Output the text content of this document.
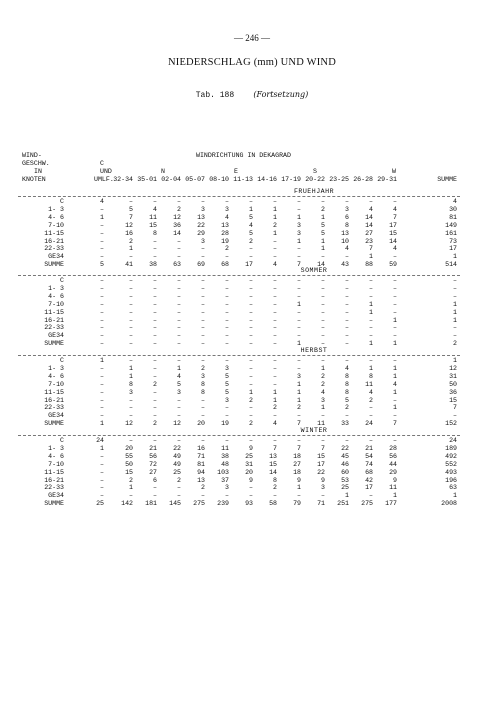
— 246 —
NIEDERSCHLAG (mm) UND WIND
Tab. 188 (Fortsetzung)
WIND-
GESCHW.
IN
KNOTEN
WINDRICHTUNG IN DEKAGRAD
C
UND
UMLF.
N	E	S	W
32-34 35-01 02-04 05-07 08-10 11-13 14-16 17-19 20-22 23-25 26-28 29-31	SUMME
FRUEHJAHR
C	4	–	–	–	–	–	–	–	–	–	–	–	–	4
1- 3	–	5	4	2	3	3	1	1	–	2	3	4	4	30
4- 6	1	7	11	12	13	4	5	1	1	1	6	14	7	81
7-10	–	12	15	36	22	13	4	2	3	5	8	14	17	149
11-15	–	16	8	14	29	28	5	1	3	5	13	27	15	161
16-21	–	2	–	–	3	19	2	–	1	1	10	23	14	73
22-33	–	1	–	–	–	2	–	–	–	1	4	7	4	17
GE34	–	–	–	–	–	–	–	–	–	–	–	1	–	1
SUMME	5	41	38	63	69	68	17	4	7	14	43	88	59	514
SOMMER
C	–	–	–	–	–	–	–	–	–	–	–	–	–	–
1- 3	–	–	–	–	–	–	–	–	–	–	–	–	–	–
4- 6	–	–	–	–	–	–	–	–	–	–	–	–	–	–
7-10	–	–	–	–	–	–	–	–	1	–	–	1	–	1
11-15	–	–	–	–	–	–	–	–	–	–	–	1	–	1
16-21	–	–	–	–	–	–	–	–	–	–	–	–	1	1
22-33	–	–	–	–	–	–	–	–	–	–	–	–	–	–
GE34	–	–	–	–	–	–	–	–	–	–	–	–	–	–
SUMME	–	–	–	–	–	–	–	–	1	–	–	1	1	2
HERBST
C	1	–	–	–	–	–	–	–	–	–	–	–	–	1
1- 3	–	1	–	1	2	3	–	–	–	1	4	1	1	12
4- 6	–	1	–	4	3	5	–	–	3	2	8	8	1	31
7-10	–	8	2	5	8	5	–	–	1	2	8	11	4	50
11-15	–	3	–	3	8	5	1	1	1	4	8	4	1	36
16-21	–	–	–	–	–	3	2	1	1	3	5	2	–	15
22-33	–	–	–	–	–	–	–	2	2	1	2	–	1	7
GE34	–	–	–	–	–	–	–	–	–	–	–	–	–	–
SUMME	1	12	2	12	20	19	2	4	7	11	33	24	7	152
WINTER
C	24	–	–	–	–	–	–	–	–	–	–	–	–	24
1- 3	1	20	21	22	16	11	9	7	7	7	22	21	28	189
4- 6	–	55	56	49	71	38	25	13	18	15	45	54	56	492
7-10	–	50	72	49	81	48	31	15	27	17	46	74	44	552
11-15	–	15	27	25	94	103	20	14	18	22	60	68	29	493
16-21	–	2	6	2	13	37	9	8	9	9	53	42	9	196
22-33	–	1	–	–	2	3	–	2	1	3	25	17	11	63
GE34	–	–	–	–	–	–	–	–	–	–	1	–	1	1
SUMME	25	142	181	145	275	239	93	58	79	71	251	275	177	2008
